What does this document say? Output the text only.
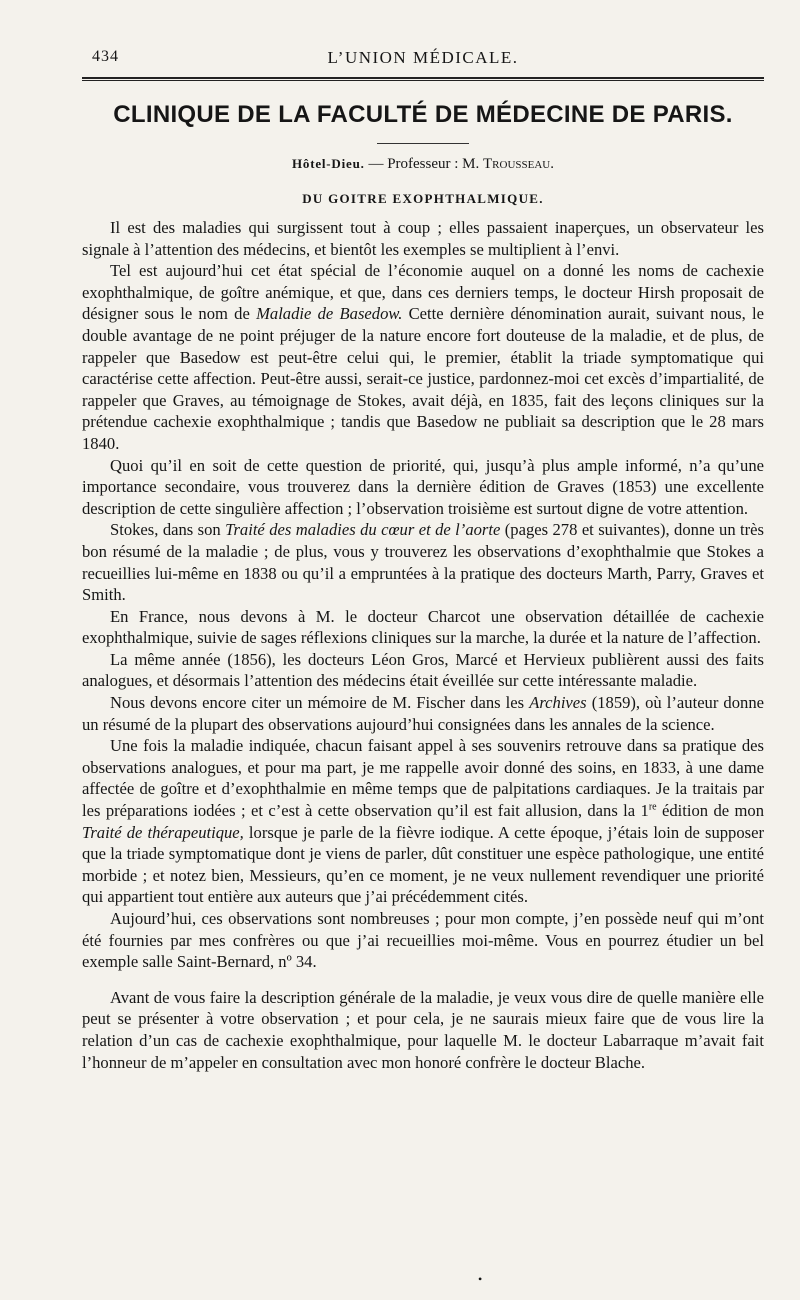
434	L’UNION MÉDICALE.
CLINIQUE DE LA FACULTÉ DE MÉDECINE DE PARIS.
Hôtel-Dieu. — Professeur : M. Trousseau.
DU GOITRE EXOPHTHALMIQUE.

Il est des maladies qui surgissent tout à coup ; elles passaient inaperçues, un observateur les signale à l’attention des médecins, et bientôt les exemples se multiplient à l’envi.

Tel est aujourd’hui cet état spécial de l’économie auquel on a donné les noms de cachexie exophthalmique, de goître anémique, et que, dans ces derniers temps, le docteur Hirsh proposait de désigner sous le nom de Maladie de Basedow. Cette dernière dénomination aurait, suivant nous, le double avantage de ne point préjuger de la nature encore fort douteuse de la maladie, et de plus, de rappeler que Basedow est peut-être celui qui, le premier, établit la triade symptomatique qui caractérise cette affection. Peut-être aussi, serait-ce justice, pardonnez-moi cet excès d’impartialité, de rappeler que Graves, au témoignage de Stokes, avait déjà, en 1835, fait des leçons cliniques sur la prétendue cachexie exophthalmique ; tandis que Basedow ne publiait sa description que le 28 mars 1840.

Quoi qu’il en soit de cette question de priorité, qui, jusqu’à plus ample informé, n’a qu’une importance secondaire, vous trouverez dans la dernière édition de Graves (1853) une excellente description de cette singulière affection ; l’observation troisième est surtout digne de votre attention.

Stokes, dans son Traité des maladies du cœur et de l’aorte (pages 278 et suivantes), donne un très bon résumé de la maladie ; de plus, vous y trouverez les observations d’exophthalmie que Stokes a recueillies lui-même en 1838 ou qu’il a empruntées à la pratique des docteurs Marth, Parry, Graves et Smith.

En France, nous devons à M. le docteur Charcot une observation détaillée de cachexie exophthalmique, suivie de sages réflexions cliniques sur la marche, la durée et la nature de l’affection.

La même année (1856), les docteurs Léon Gros, Marcé et Hervieux publièrent aussi des faits analogues, et désormais l’attention des médecins était éveillée sur cette intéressante maladie.

Nous devons encore citer un mémoire de M. Fischer dans les Archives (1859), où l’auteur donne un résumé de la plupart des observations aujourd’hui consignées dans les annales de la science.

Une fois la maladie indiquée, chacun faisant appel à ses souvenirs retrouve dans sa pratique des observations analogues, et pour ma part, je me rappelle avoir donné des soins, en 1833, à une dame affectée de goître et d’exophthalmie en même temps que de palpitations cardiaques. Je la traitais par les préparations iodées ; et c’est à cette observation qu’il est fait allusion, dans la 1re édition de mon Traité de thérapeutique, lorsque je parle de la fièvre iodique. A cette époque, j’étais loin de supposer que la triade symptomatique dont je viens de parler, dût constituer une espèce pathologique, une entité morbide ; et notez bien, Messieurs, qu’en ce moment, je ne veux nullement revendiquer une priorité qui appartient tout entière aux auteurs que j’ai précédemment cités.

Aujourd’hui, ces observations sont nombreuses ; pour mon compte, j’en possède neuf qui m’ont été fournies par mes confrères ou que j’ai recueillies moi-même. Vous en pourrez étudier un bel exemple salle Saint-Bernard, nº 34.

Avant de vous faire la description générale de la maladie, je veux vous dire de quelle manière elle peut se présenter à votre observation ; et pour cela, je ne saurais mieux faire que de vous lire la relation d’un cas de cachexie exophthalmique, pour laquelle M. le docteur Labarraque m’avait fait l’honneur de m’appeler en consultation avec mon honoré confrère le docteur Blache.

•
